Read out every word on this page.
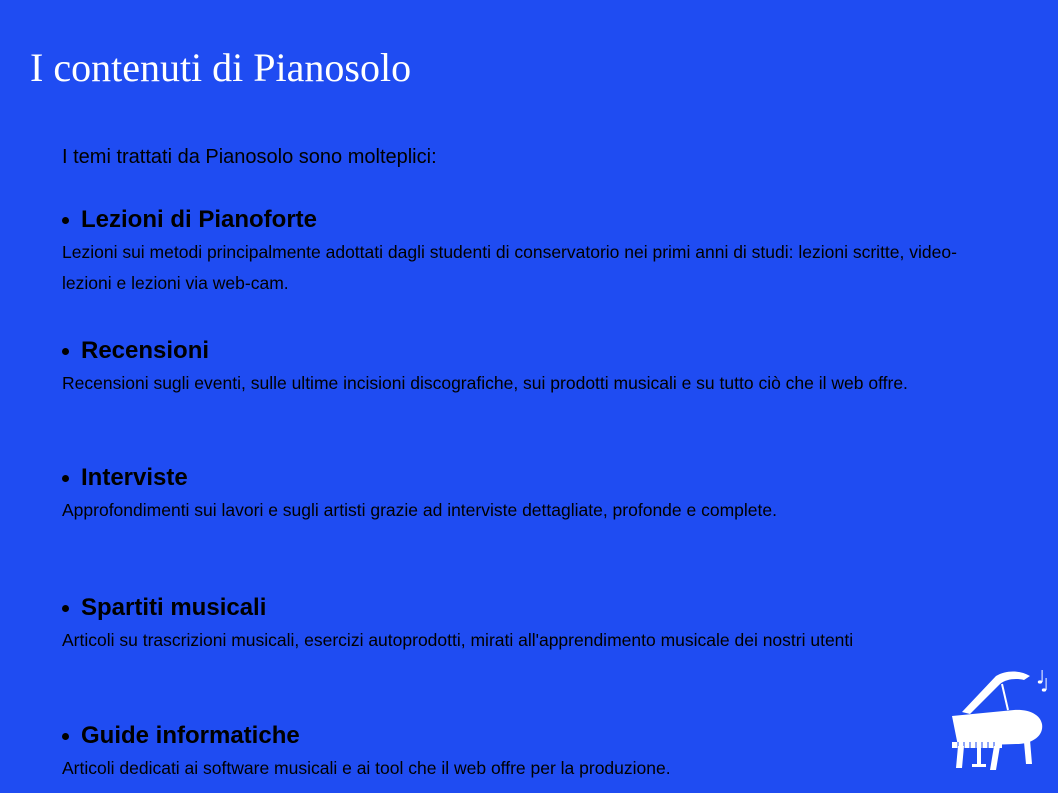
I contenuti di Pianosolo

I temi trattati da Pianosolo sono molteplici:

Lezioni di Pianoforte

Lezioni sui metodi principalmente adottati dagli studenti di conservatorio nei primi anni di studi: lezioni scritte, video-lezioni e lezioni via web-cam.

Recensioni

Recensioni sugli eventi, sulle ultime incisioni discografiche, sui prodotti musicali e su tutto ciò che il web offre.

Interviste

Approfondimenti sui lavori e sugli artisti grazie ad interviste dettagliate, profonde e complete.

Spartiti musicali

Articoli su trascrizioni musicali, esercizi autoprodotti, mirati all'apprendimento musicale dei nostri utenti

Guide informatiche

Articoli dedicati ai software musicali e ai tool che il web offre per la produzione.
